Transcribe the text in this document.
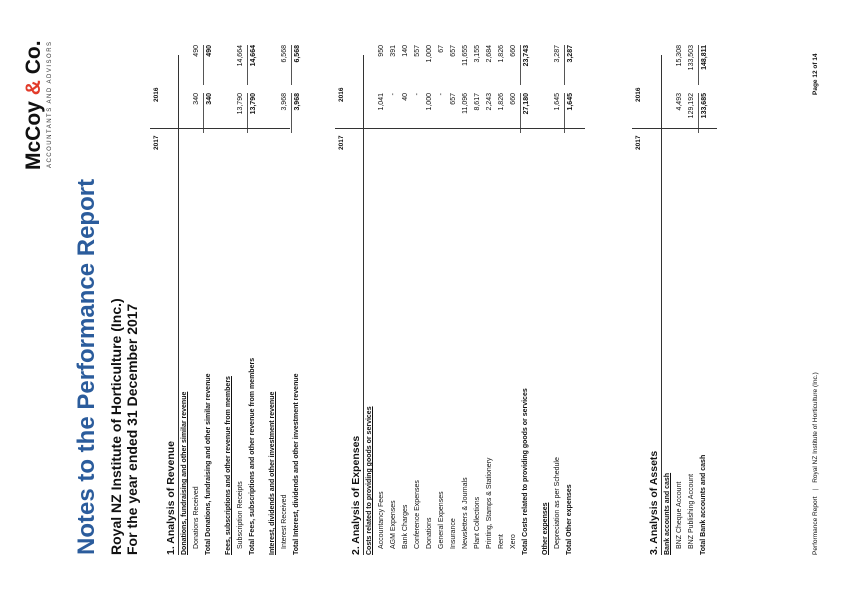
Notes to the Performance Report Royal NZ Institute of Horticulture (Inc.) For the year ended 31 December 2017
McCoy & Co. ACCOUNTANTS AND ADVISORS	2017
2016
1. Analysis of Revenue Donations, fundraising and other similar revenue Donations Received
340
490
Total Donations, fundraising and other similar revenue
340
490
Fees, subscriptions and other revenue from members Subscription Receipts
13,790
14,664
Total Fees, subscriptions and other revenue from members
13,790
14,664
Interest, dividends and other investment revenue Interest Received
3,968
6,568
Total Interest, dividends and other investment revenue
3,968
6,568
2017
2016
2. Analysis of Expenses Costs related to providing goods or services Accountancy Fees
1,041
950
AGM Expenses
-
391
Bank Charges
40
140
Conference Expenses
-
557
Donations
1,000
1,000
General Expenses
-
67
Insurance
657
657
Newsletters & Journals
11,096
11,655
Plant Collections
8,617
3,155
Printing, Stamps & Stationery
2,243
2,684
Rent
1,826
1,826
Xero
660
660
Total Costs related to providing goods or services
27,180
23,743
Other expenses Depreciation as per Schedule
1,645
3,287
Total Other expenses
1,645
3,287
2017
2016
3. Analysis of Assets Bank accounts and cash BNZ Cheque Account
4,493
15,308
BNZ Publishing Account
129,192
133,503
Total Bank accounts and cash
133,685
148,811
Performance Report|Royal NZ Institute of Horticulture (Inc.)
Page 12 of 14
